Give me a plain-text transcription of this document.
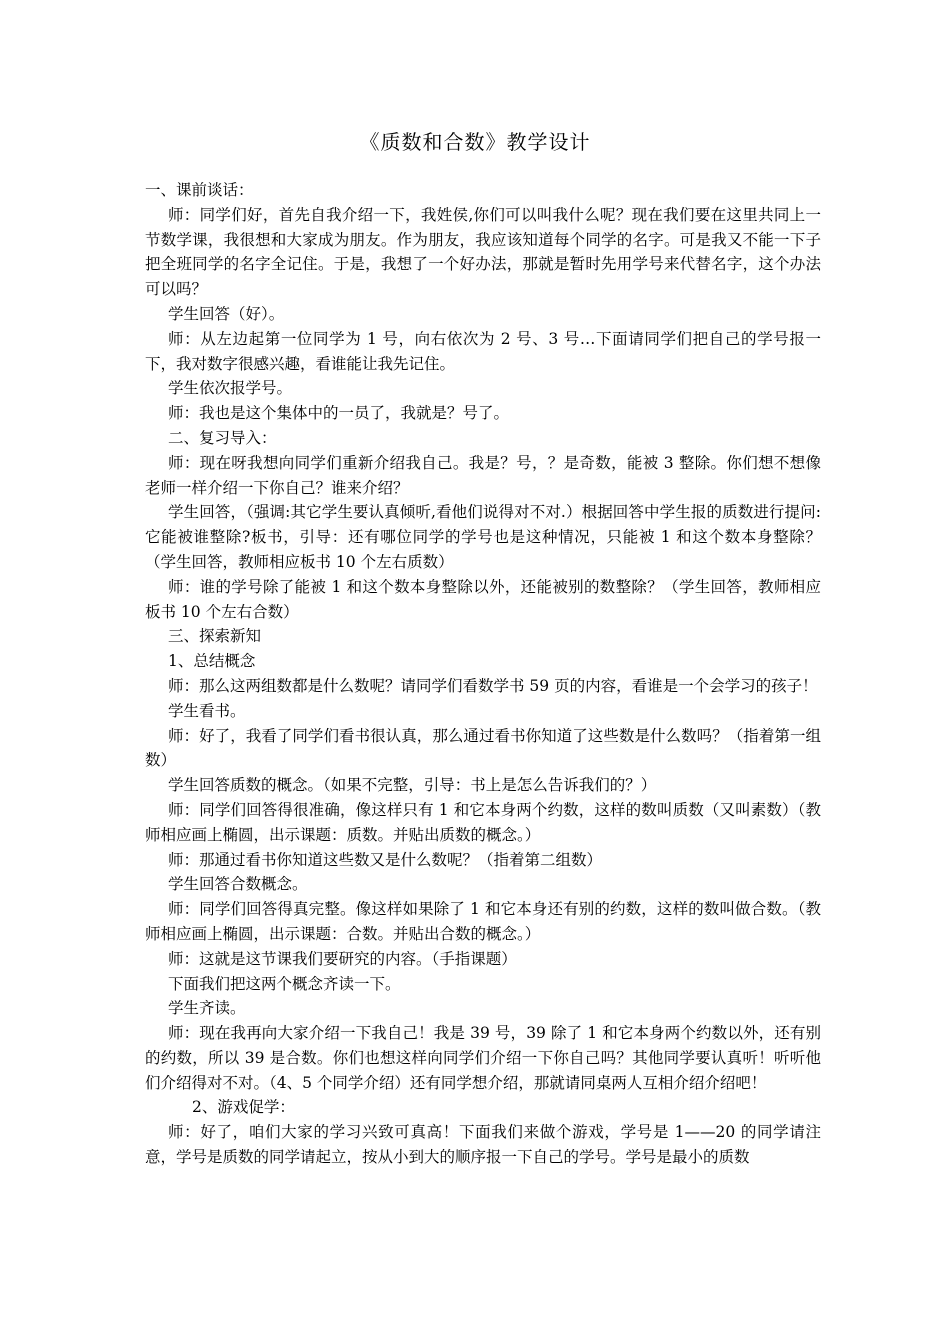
《质数和合数》教学设计

一、课前谈话：

师：同学们好，首先自我介绍一下，我姓侯,你们可以叫我什么呢？现在我们要在这里共同上一节数学课，我很想和大家成为朋友。作为朋友，我应该知道每个同学的名字。可是我又不能一下子把全班同学的名字全记住。于是，我想了一个好办法，那就是暂时先用学号来代替名字，这个办法可以吗？

学生回答（好）。

师：从左边起第一位同学为 1 号，向右依次为 2 号、3 号…下面请同学们把自己的学号报一下，我对数字很感兴趣，看谁能让我先记住。

学生依次报学号。

师：我也是这个集体中的一员了，我就是？号了。

二、复习导入：

师：现在呀我想向同学们重新介绍我自己。我是？号，？是奇数，能被 3 整除。你们想不想像老师一样介绍一下你自己？谁来介绍？

学生回答，（强调:其它学生要认真倾听,看他们说得对不对.）根据回答中学生报的质数进行提问:它能被谁整除?板书，引导：还有哪位同学的学号也是这种情况，只能被 1 和这个数本身整除？（学生回答，教师相应板书 10 个左右质数）

师：谁的学号除了能被 1 和这个数本身整除以外，还能被别的数整除？（学生回答，教师相应板书 10 个左右合数）

三、探索新知

1、总结概念

师：那么这两组数都是什么数呢？请同学们看数学书 59 页的内容，看谁是一个会学习的孩子！

学生看书。

师：好了，我看了同学们看书很认真，那么通过看书你知道了这些数是什么数吗？（指着第一组数）

学生回答质数的概念。（如果不完整，引导：书上是怎么告诉我们的？）

师：同学们回答得很准确，像这样只有 1 和它本身两个约数，这样的数叫质数（又叫素数）（教师相应画上椭圆，出示课题：质数。并贴出质数的概念。）

师：那通过看书你知道这些数又是什么数呢？（指着第二组数）

学生回答合数概念。

师：同学们回答得真完整。像这样如果除了 1 和它本身还有别的约数，这样的数叫做合数。（教师相应画上椭圆，出示课题：合数。并贴出合数的概念。）

师：这就是这节课我们要研究的内容。（手指课题）

下面我们把这两个概念齐读一下。

学生齐读。

师：现在我再向大家介绍一下我自己！我是 39 号，39 除了 1 和它本身两个约数以外，还有别的约数，所以 39 是合数。你们也想这样向同学们介绍一下你自己吗？其他同学要认真听！听听他们介绍得对不对。（4、5 个同学介绍）还有同学想介绍，那就请同桌两人互相介绍介绍吧！

2、游戏促学：

师：好了，咱们大家的学习兴致可真高！下面我们来做个游戏，学号是 1——20 的同学请注意，学号是质数的同学请起立，按从小到大的顺序报一下自己的学号。学号是最小的质数
